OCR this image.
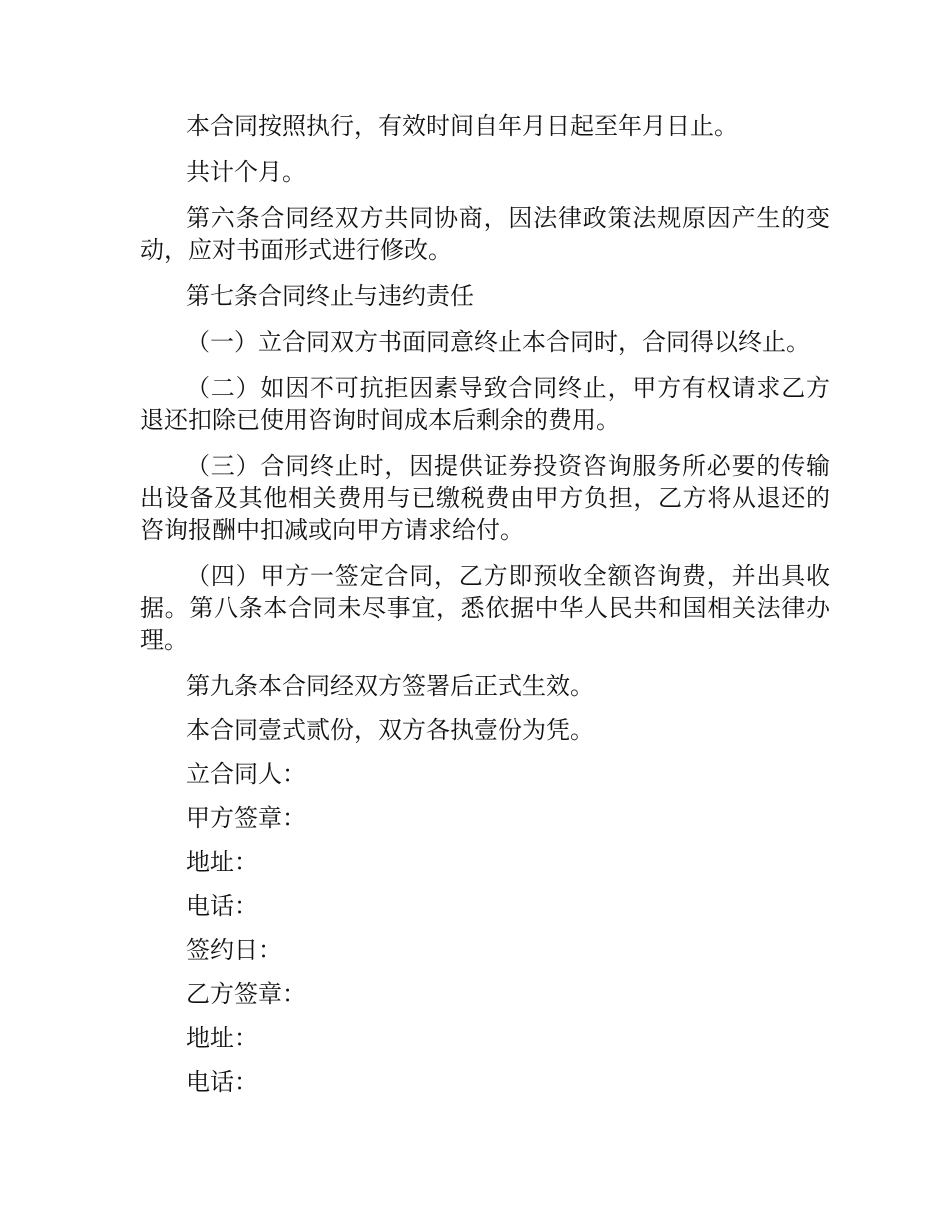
本合同按照执行，有效时间自年月日起至年月日止。

共计个月。

第六条合同经双方共同协商，因法律政策法规原因产生的变动，应对书面形式进行修改。

第七条合同终止与违约责任

（一）立合同双方书面同意终止本合同时，合同得以终止。

（二）如因不可抗拒因素导致合同终止，甲方有权请求乙方退还扣除已使用咨询时间成本后剩余的费用。

（三）合同终止时，因提供证券投资咨询服务所必要的传输出设备及其他相关费用与已缴税费由甲方负担，乙方将从退还的咨询报酬中扣减或向甲方请求给付。

（四）甲方一签定合同，乙方即预收全额咨询费，并出具收据。第八条本合同未尽事宜，悉依据中华人民共和国相关法律办理。

第九条本合同经双方签署后正式生效。

本合同壹式贰份，双方各执壹份为凭。

立合同人：

甲方签章：

地址：

电话：

签约日：

乙方签章：

地址：

电话：
